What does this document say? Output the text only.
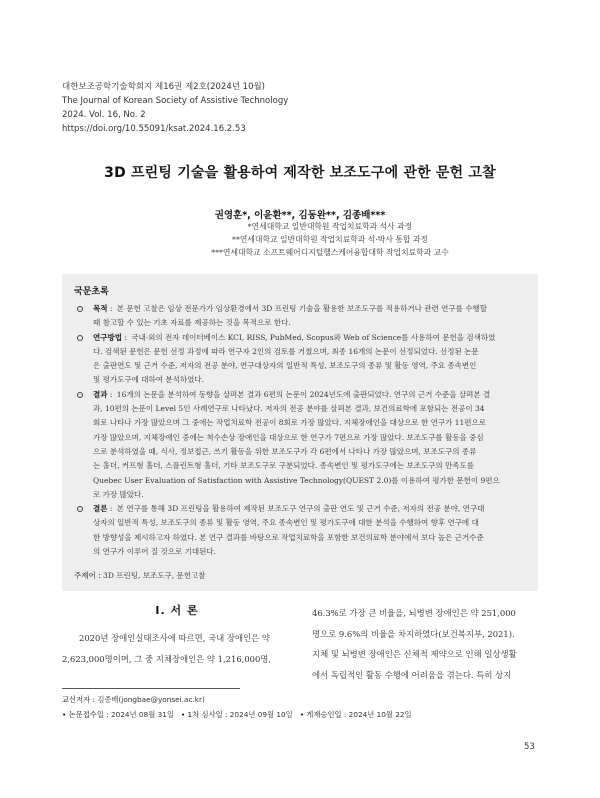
대한보조공학기술학회지 제16권 제2호(2024년 10월)
The Journal of Korean Society of Assistive Technology
2024. Vol. 16, No. 2
https://doi.org/10.55091/ksat.2024.16.2.53
3D 프린팅 기술을 활용하여 제작한 보조도구에 관한 문헌 고찰
권영훈*, 이윤환**, 김동완**, 김종배***
*연세대학교 일반대학원 작업치료학과 석사 과정
**연세대학교 일반대학원 작업치료학과 석·박사 통합 과정
***연세대학교 소프트웨어디지털헬스케어융합대학 작업치료학과 교수
국문초록
목적 : 본 문헌 고찰은 임상 전문가가 임상환경에서 3D 프린팅 기술을 활용한 보조도구를 적용하거나 관련 연구를 수행할
때 참고할 수 있는 기초 자료를 제공하는 것을 목적으로 한다.
연구방법 : 국내·외의 전자 데이터베이스 KCI, RISS, PubMed, Scopus와 Web of Science를 사용하여 문헌을 검색하였
다. 검색된 문헌은 문헌 선정 과정에 따라 연구자 2인의 검토를 거쳤으며, 최종 16개의 논문이 선정되었다. 선정된 논문
은 출판연도 및 근거 수준, 저자의 전공 분야, 연구대상자의 일반적 특성, 보조도구의 종류 및 활동 영역, 주요 종속변인
및 평가도구에 대하여 분석하였다.
결과 : 16개의 논문을 분석하여 동향을 살펴본 결과 6편의 논문이 2024년도에 출판되었다. 연구의 근거 수준을 살펴본 결
과, 10편의 논문이 Level 5인 사례연구로 나타났다. 저자의 전공 분야를 살펴본 결과, 보건의료학에 포함되는 전공이 34
회로 나타나 가장 많았으며 그 중에는 작업치료학 전공이 8회로 가장 많았다. 지체장애인을 대상으로 한 연구가 11편으로
가장 많았으며, 지체장애인 중에는 척수손상 장애인을 대상으로 한 연구가 7편으로 가장 많았다. 보조도구를 활동을 중심
으로 분석하였을 때, 식사, 정보접근, 쓰기 활동을 위한 보조도구가 각 6편에서 나타나 가장 많았으며, 보조도구의 종류
는 홀더, 커프형 홀더, 스플린트형 홀더, 기타 보조도구로 구분되었다. 종속변인 및 평가도구에는 보조도구의 만족도를
Quebec User Evaluation of Satisfaction with Assistive Technology(QUEST 2.0)를 이용하여 평가한 문헌이 9편으
로 가장 많았다.
결론 : 본 연구를 통해 3D 프린팅을 활용하여 제작된 보조도구 연구의 출판 연도 및 근거 수준, 저자의 전공 분야, 연구대
상자의 일반적 특성, 보조도구의 종류 및 활동 영역, 주요 종속변인 및 평가도구에 대한 분석을 수행하여 향후 연구에 대
한 방향성을 제시하고자 하였다. 본 연구 결과를 바탕으로 작업치료학을 포함한 보건의료학 분야에서 보다 높은 근거수준
의 연구가 이루어 질 것으로 기대된다.
주제어 : 3D 프린팅, 보조도구, 문헌고찰
I. 서 론
2020년 장애인실태조사에 따르면, 국내 장애인은 약
2,623,000명이며, 그 중 지체장애인은 약 1,216,000명,
46.3%로 가장 큰 비율을, 뇌병변 장애인은 약 251,000
명으로 9.6%의 비율을 차지하였다(보건복지부, 2021).
지체 및 뇌병변 장애인은 신체적 제약으로 인해 일상생활
에서 독립적인 활동 수행에 어려움을 겪는다. 특히 상지
교신저자 : 김종배(jongbae@yonsei.ac.kr)
• 논문접수일 : 2024년 08월 31일 • 1차 심사일 : 2024년 09월 10일 • 게재승인일 : 2024년 10월 22일
53
